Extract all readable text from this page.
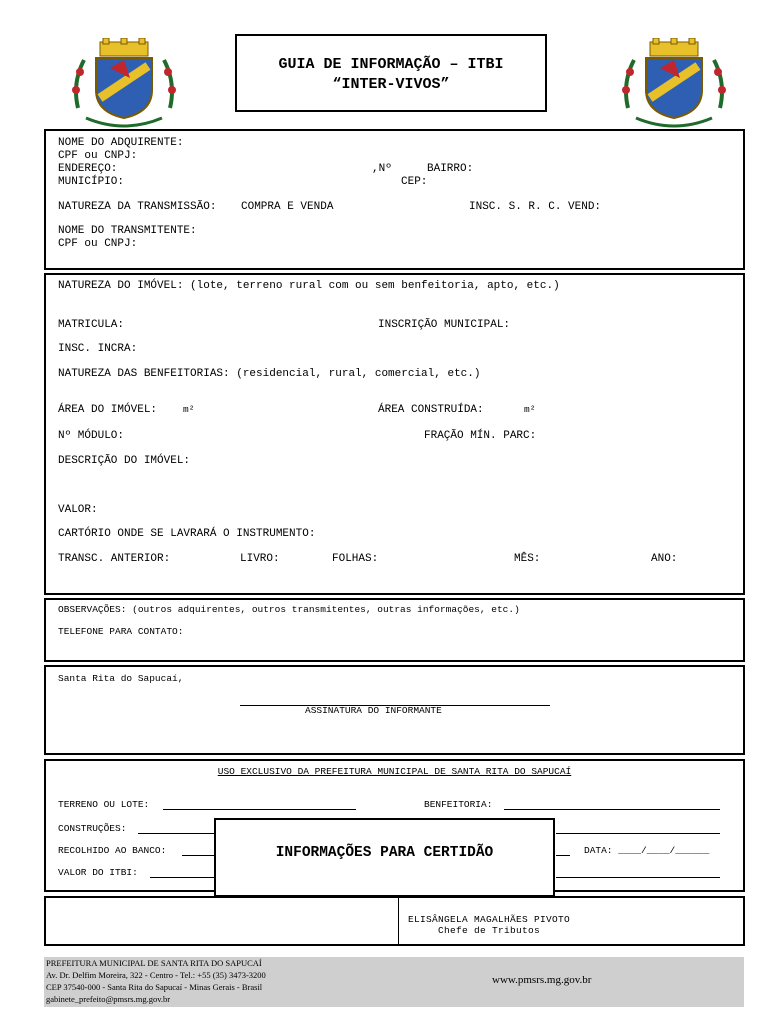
GUIA DE INFORMAÇÃO – ITBI
“INTER-VIVOS”
NOME DO ADQUIRENTE:
CPF ou CNPJ:
ENDEREÇO:	,Nº	BAIRRO:
MUNICÍPIO:	CEP:
NATUREZA DA TRANSMISSÃO: COMPRA E VENDA	INSC. S. R. C. VEND:
NOME DO TRANSMITENTE:
CPF ou CNPJ:
NATUREZA DO IMÓVEL: (lote, terreno rural com ou sem benfeitoria, apto, etc.)
MATRICULA:	INSCRIÇÃO MUNICIPAL:
INSC. INCRA:
NATUREZA DAS BENFEITORIAS: (residencial, rural, comercial, etc.)
ÁREA DO IMÓVEL:	m²	ÁREA CONSTRUÍDA:	m²
Nº MÓDULO:	FRAÇÃO MÍN. PARC:
DESCRIÇÃO DO IMÓVEL:
VALOR:
CARTÓRIO ONDE SE LAVRARÁ O INSTRUMENTO:
TRANSC. ANTERIOR:	LIVRO:	FOLHAS:	MÊS:	ANO:
OBSERVAÇÕES: (outros adquirentes, outros transmitentes, outras informações, etc.)
TELEFONE PARA CONTATO:
Santa Rita do Sapucaí,
ASSINATURA DO INFORMANTE
USO EXCLUSIVO DA PREFEITURA MUNICIPAL DE SANTA RITA DO SAPUCAÍ
TERRENO OU LOTE:	BENFEITORIA:
CONSTRUÇÕES:
RECOLHIDO AO BANCO:	DATA: ____/____/______
VALOR DO ITBI:
INFORMAÇÕES PARA CERTIDÃO
ELISÂNGELA MAGALHÃES PIVOTO
Chefe de Tributos
PREFEITURA MUNICIPAL DE SANTA RITA DO SAPUCAÍ
Av. Dr. Delfim Moreira, 322 - Centro - Tel.: +55 (35) 3473-3200
CEP 37540-000 - Santa Rita do Sapucaí - Minas Gerais - Brasil
gabinete_prefeito@pmsrs.mg.gov.br
www.pmsrs.mg.gov.br
